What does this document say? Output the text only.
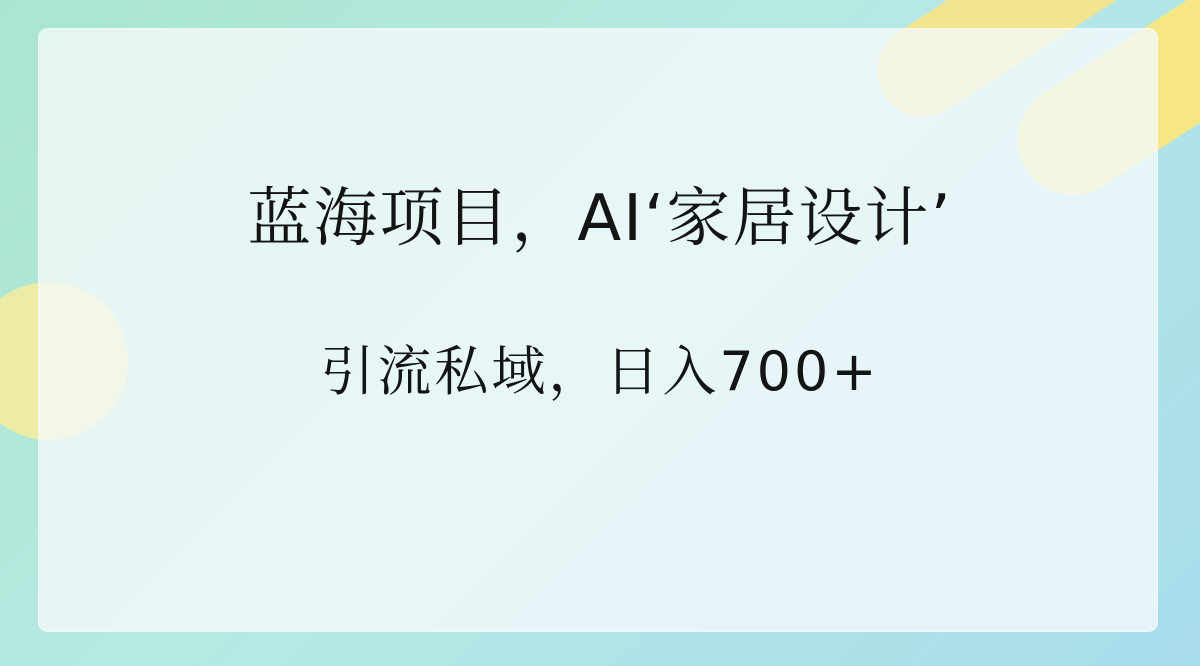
蓝海项目，AI‘家居设计’
引流私域，日入700+
